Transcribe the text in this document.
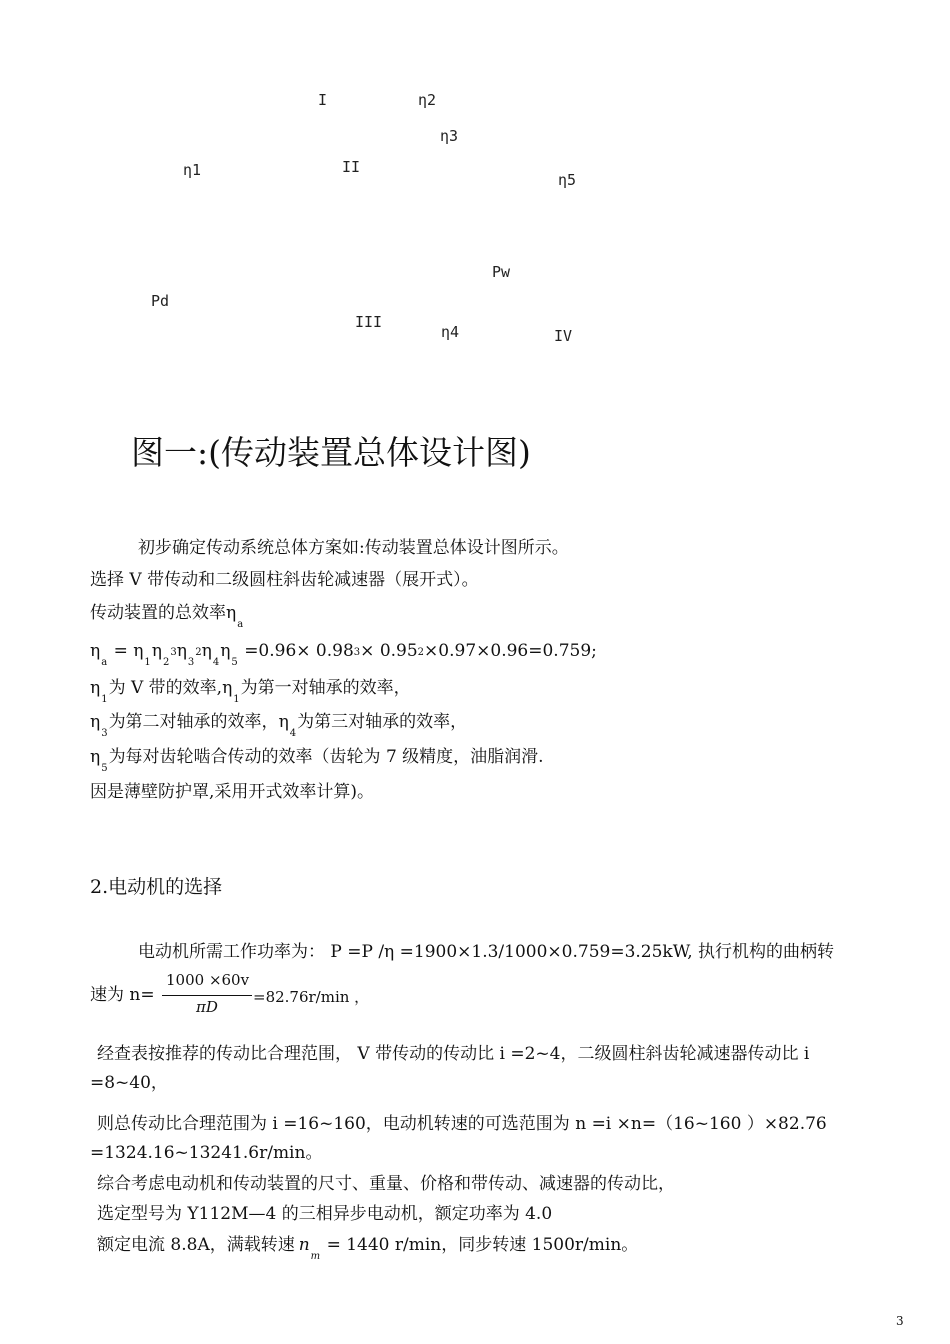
I	η2
η3
η1	II
η5
Pw
Pd
III
η4	IV
图一:(传动装置总体设计图)
初步确定传动系统总体方案如:传动装置总体设计图所示。
选择 V 带传动和二级圆柱斜齿轮减速器（展开式）。
传动装置的总效率$\eta_a$
$\eta_a = \eta_1\eta_23\eta_32\eta_4\eta_5 =0.96\times 0.983\times 0.952\times 0.97\times 0.96=0.759$;
$\eta_1$为 V 带的效率$,\eta_1$为第一对轴承的效率，
$\eta_3$为第二对轴承的效率，$\eta_4$为第三对轴承的效率，
$\eta_5$为每对齿轮啮合传动的效率（齿轮为 7 级精度，油脂润滑.
因是薄壁防护罩,采用开式效率计算)。
2.电动机的选择
电动机所需工作功率为： P =P /η =1900×1.3/1000×0.759=3.25kW, 执行机构的曲柄转
速为 n=
1000 ×60v
πD
=82.76r/min ，
经查表按推荐的传动比合理范围， V 带传动的传动比 i =2~4，二级圆柱斜齿轮减速器传动比 i
=8~40，
则总传动比合理范围为 i =16~160，电动机转速的可选范围为 n =i ×n=（16~160 ）×82.76
=1324.16~13241.6r/min。
综合考虑电动机和传动装置的尺寸、重量、价格和带传动、减速器的传动比，
选定型号为 Y112M—4 的三相异步电动机，额定功率为 4.0
额定电流 8.8A，满载转速 $n_m = 1440$ r/min，同步转速 1500r/min。
3
